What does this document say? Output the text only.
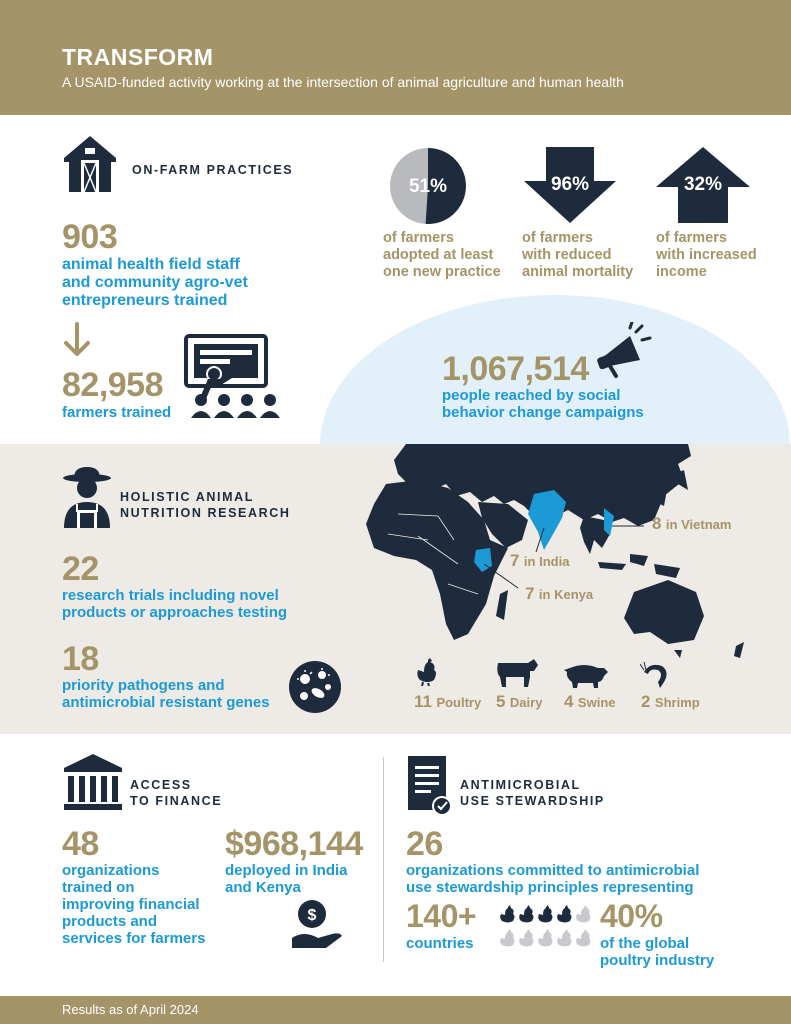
TRANSFORM
A USAID-funded activity working at the intersection of animal agriculture and human health
ON-FARM PRACTICES
903
animal health field staff
and community agro-vet
entrepreneurs trained
82,958
farmers trained
51%
of farmers
adopted at least
one new practice
96%
of farmers
with reduced
animal mortality
32%
of farmers
with increased
income
1,067,514
people reached by social
behavior change campaigns
HOLISTIC ANIMAL
NUTRITION RESEARCH
22
research trials including novel
products or approaches testing
18
priority pathogens and
antimicrobial resistant genes
8 in Vietnam
7 in India
7 in Kenya
11 Poultry 5 Dairy 4 Swine 2 Shrimp
ACCESS
TO FINANCE
48
organizations
trained on
improving financial
products and
services for farmers
$968,144
deployed in India
and Kenya
$
ANTIMICROBIAL
USE STEWARDSHIP
26
organizations committed to antimicrobial
use stewardship principles representing
140+
countries
40%
of the global
poultry industry
Results as of April 2024
